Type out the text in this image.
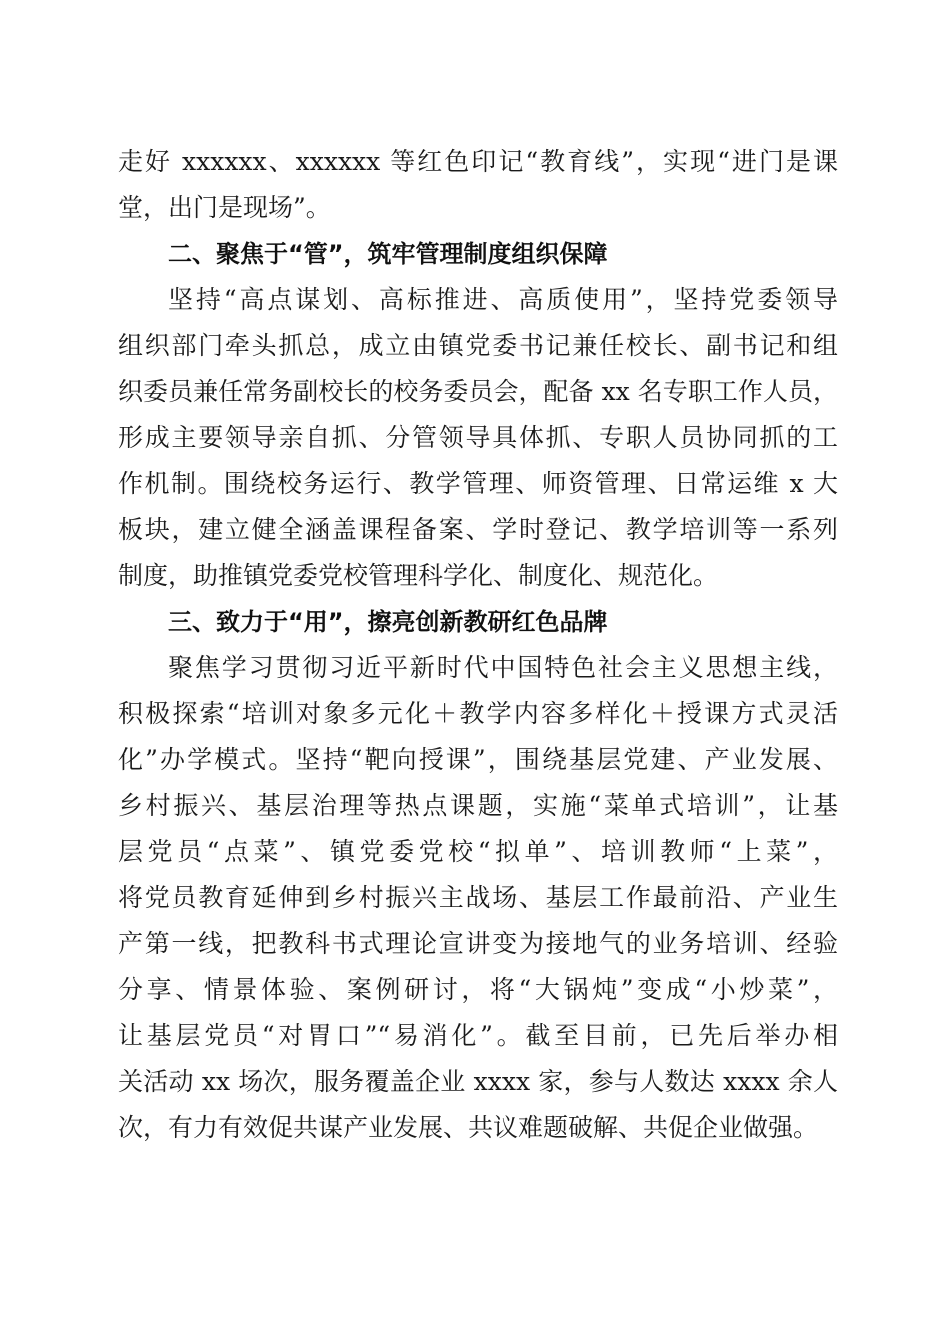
走好 xxxxxx、xxxxxx 等红色印记“教育线”，实现“进门是课
堂，出门是现场”。
二、聚焦于“管”，筑牢管理制度组织保障
坚持“高点谋划、高标推进、高质使用”，坚持党委领导
组织部门牵头抓总，成立由镇党委书记兼任校长、副书记和组
织委员兼任常务副校长的校务委员会，配备 xx 名专职工作人员，
形成主要领导亲自抓、分管领导具体抓、专职人员协同抓的工
作机制。围绕校务运行、教学管理、师资管理、日常运维 x 大
板块，建立健全涵盖课程备案、学时登记、教学培训等一系列
制度，助推镇党委党校管理科学化、制度化、规范化。
三、致力于“用”，擦亮创新教研红色品牌
聚焦学习贯彻习近平新时代中国特色社会主义思想主线，
积极探索“培训对象多元化＋教学内容多样化＋授课方式灵活
化”办学模式。坚持“靶向授课”，围绕基层党建、产业发展、
乡村振兴、基层治理等热点课题，实施“菜单式培训”，让基
层党员“点菜”、镇党委党校“拟单”、培训教师“上菜”，
将党员教育延伸到乡村振兴主战场、基层工作最前沿、产业生
产第一线，把教科书式理论宣讲变为接地气的业务培训、经验
分享、情景体验、案例研讨，将“大锅炖”变成“小炒菜”，
让基层党员“对胃口”“易消化”。截至目前，已先后举办相
关活动 xx 场次，服务覆盖企业 xxxx 家，参与人数达 xxxx 余人
次，有力有效促共谋产业发展、共议难题破解、共促企业做强。
